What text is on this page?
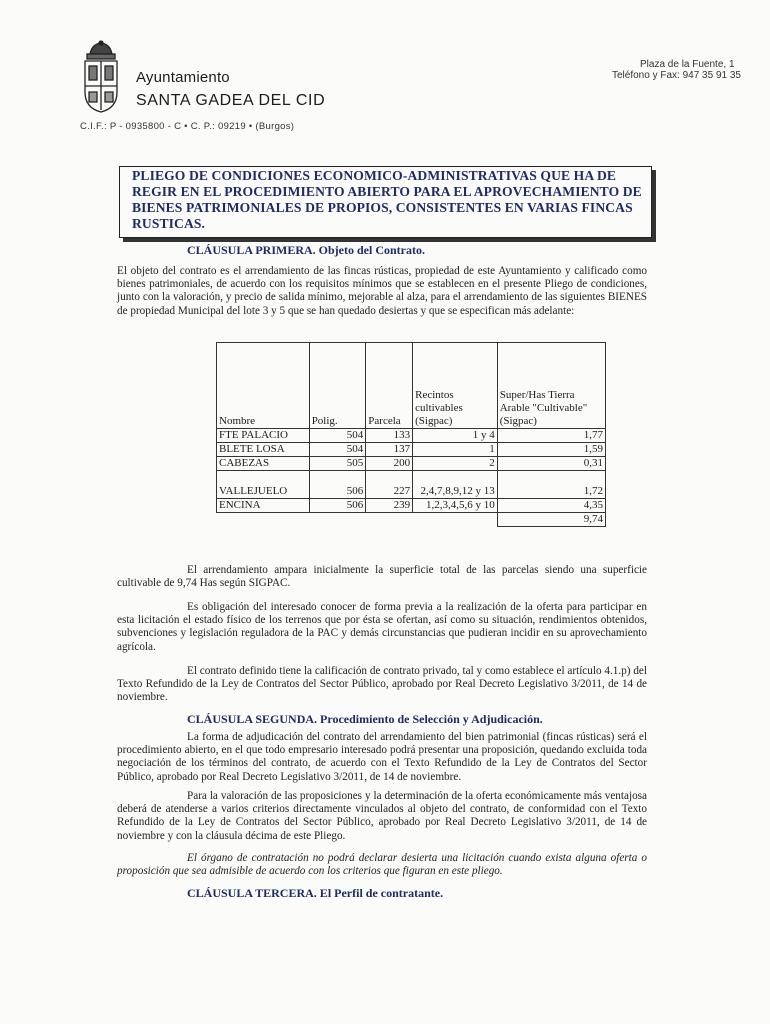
Ayuntamiento
SANTA GADEA DEL CID
C.I.F.: P - 0935800 - C • C. P.: 09219 • (Burgos)
Plaza de la Fuente, 1
Teléfono y Fax: 947 35 91 35
PLIEGO DE CONDICIONES ECONOMICO-ADMINISTRATIVAS QUE HA DE REGIR EN EL PROCEDIMIENTO ABIERTO PARA EL APROVECHAMIENTO DE BIENES PATRIMONIALES DE PROPIOS, CONSISTENTES EN VARIAS FINCAS RUSTICAS.
CLÁUSULA PRIMERA. Objeto del Contrato.
El objeto del contrato es el arrendamiento de las fincas rústicas, propiedad de este Ayuntamiento y calificado como bienes patrimoniales, de acuerdo con los requisitos mínimos que se establecen en el presente Pliego de condiciones, junto con la valoración, y precio de salida mínimo, mejorable al alza, para el arrendamiento de las siguientes BIENES de propiedad Municipal del lote 3 y 5 que se han quedado desiertas y que se especifican más adelante:
Nombre	Polig.	Parcela	Recintos cultivables (Sigpac)	Super/Has Tierra Arable "Cultivable"(Sigpac)
FTE PALACIO	504	133	1 y 4	1,77
BLETE LOSA	504	137	1	1,59
CABEZAS	505	200	2	0,31
VALLEJUELO	506	227	2,4,7,8,9,12 y 13	1,72
ENCINA	506	239	1,2,3,4,5,6 y 10	4,35
				9,74
El arrendamiento ampara inicialmente la superficie total de las parcelas siendo una superficie cultivable de 9,74 Has según SIGPAC.
Es obligación del interesado conocer de forma previa a la realización de la oferta para participar en esta licitación el estado físico de los terrenos que por ésta se ofertan, así como su situación, rendimientos obtenidos, subvenciones y legislación reguladora de la PAC y demás circunstancias que pudieran incidir en su aprovechamiento agrícola.
El contrato definido tiene la calificación de contrato privado, tal y como establece el artículo 4.1.p) del Texto Refundido de la Ley de Contratos del Sector Público, aprobado por Real Decreto Legislativo 3/2011, de 14 de noviembre.
CLÁUSULA SEGUNDA. Procedimiento de Selección y Adjudicación.
La forma de adjudicación del contrato del arrendamiento del bien patrimonial (fincas rústicas) será el procedimiento abierto, en el que todo empresario interesado podrá presentar una proposición, quedando excluida toda negociación de los términos del contrato, de acuerdo con el Texto Refundido de la Ley de Contratos del Sector Público, aprobado por Real Decreto Legislativo 3/2011, de 14 de noviembre.
Para la valoración de las proposiciones y la determinación de la oferta económicamente más ventajosa deberá de atenderse a varios criterios directamente vinculados al objeto del contrato, de conformidad con el Texto Refundido de la Ley de Contratos del Sector Público, aprobado por Real Decreto Legislativo 3/2011, de 14 de noviembre y con la cláusula décima de este Pliego.
El órgano de contratación no podrá declarar desierta una licitación cuando exista alguna oferta o proposición que sea admisible de acuerdo con los criterios que figuran en este pliego.
CLÁUSULA TERCERA. El Perfil de contratante.
